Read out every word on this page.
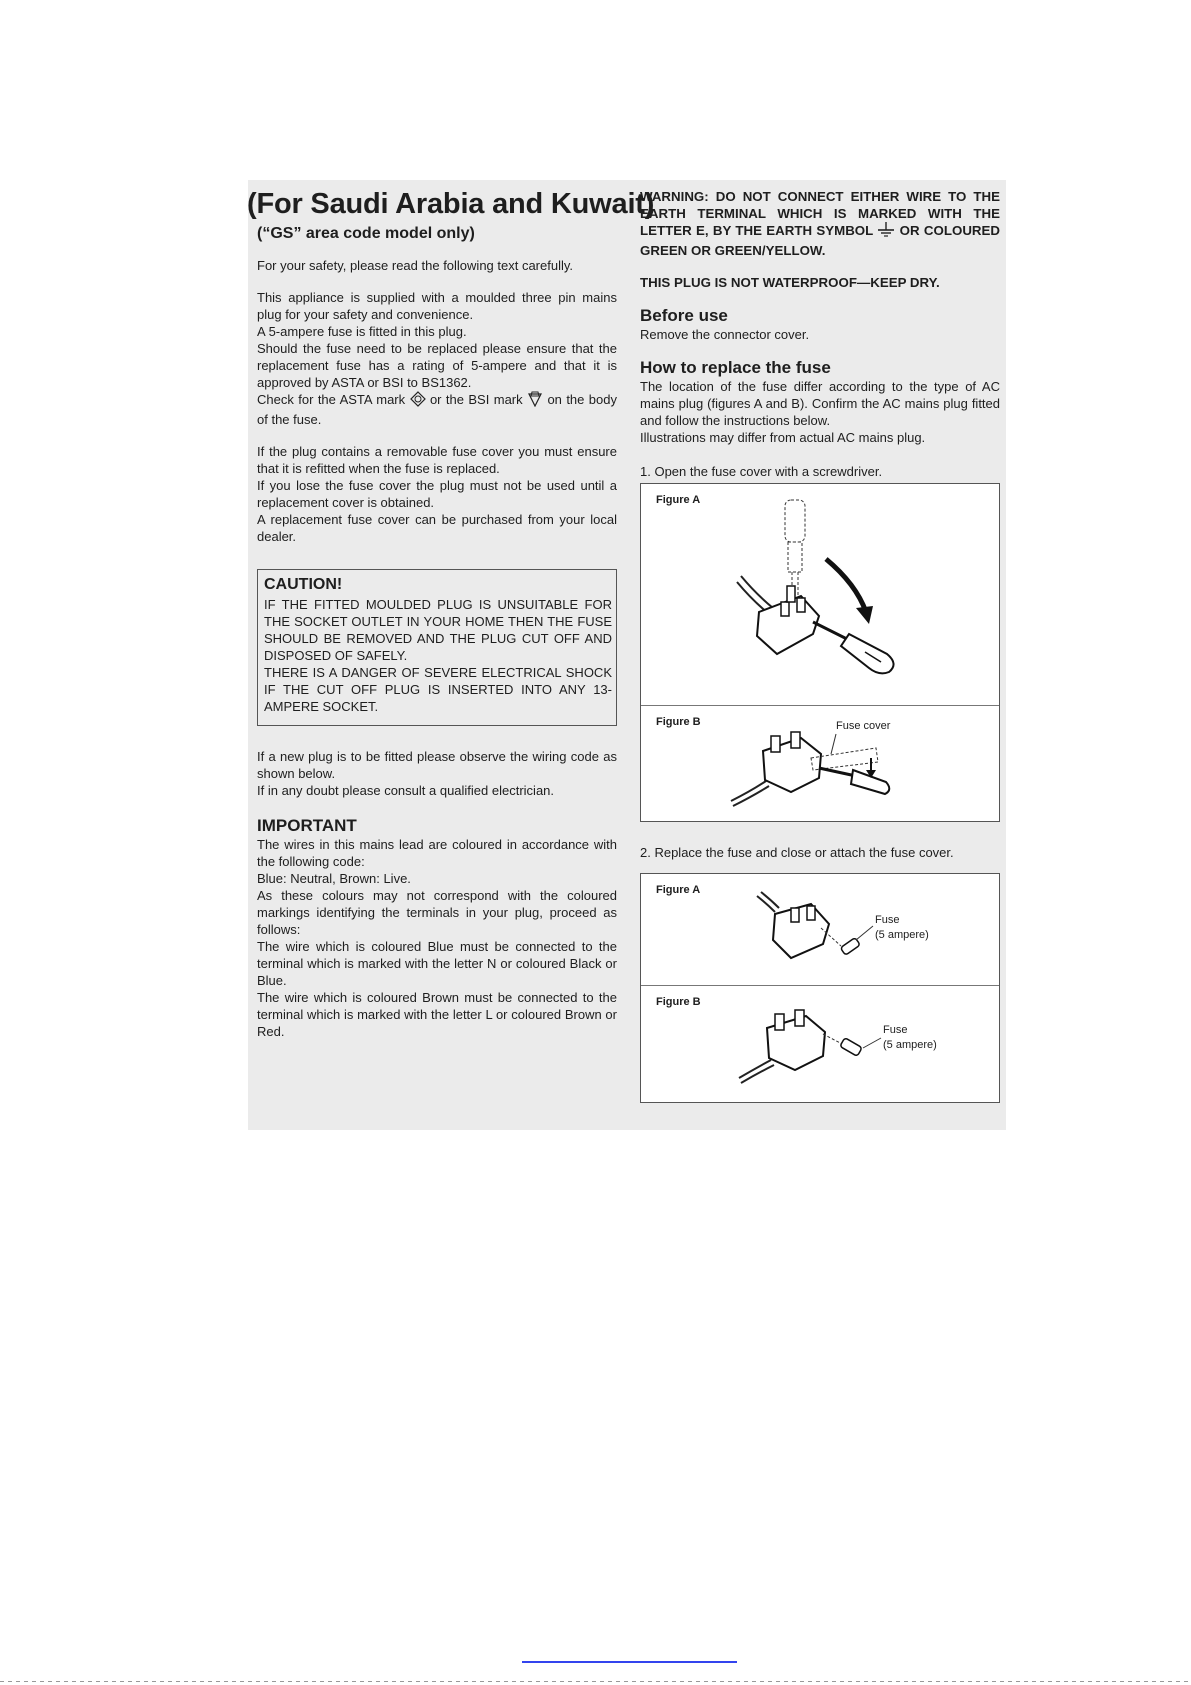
(For Saudi Arabia and Kuwait)
(“GS” area code model only)

For your safety, please read the following text carefully.

This appliance is supplied with a moulded three pin mains plug for your safety and convenience.

A 5-ampere fuse is fitted in this plug.

Should the fuse need to be replaced please ensure that the replacement fuse has a rating of 5-ampere and that it is approved by ASTA or BSI to BS1362.

Check for the ASTA mark or the BSI mark on the body of the fuse.

If the plug contains a removable fuse cover you must ensure that it is refitted when the fuse is replaced.

If you lose the fuse cover the plug must not be used until a replacement cover is obtained.

A replacement fuse cover can be purchased from your local dealer.

CAUTION!

IF THE FITTED MOULDED PLUG IS UNSUITABLE FOR THE SOCKET OUTLET IN YOUR HOME THEN THE FUSE SHOULD BE REMOVED AND THE PLUG CUT OFF AND DISPOSED OF SAFELY.

THERE IS A DANGER OF SEVERE ELECTRICAL SHOCK IF THE CUT OFF PLUG IS INSERTED INTO ANY 13-AMPERE SOCKET.

If a new plug is to be fitted please observe the wiring code as shown below.

If in any doubt please consult a qualified electrician.

IMPORTANT

The wires in this mains lead are coloured in accordance with the following code:

Blue: Neutral, Brown: Live.

As these colours may not correspond with the coloured markings identifying the terminals in your plug, proceed as follows:

The wire which is coloured Blue must be connected to the terminal which is marked with the letter N or coloured Black or Blue.

The wire which is coloured Brown must be connected to the terminal which is marked with the letter L or coloured Brown or Red.

WARNING: DO NOT CONNECT EITHER WIRE TO THE EARTH TERMINAL WHICH IS MARKED WITH THE LETTER E, BY THE EARTH SYMBOL OR COLOURED GREEN OR GREEN/YELLOW.

THIS PLUG IS NOT WATERPROOF—KEEP DRY.

Before use

Remove the connector cover.

How to replace the fuse

The location of the fuse differ according to the type of AC mains plug (figures A and B). Confirm the AC mains plug fitted and follow the instructions below.

Illustrations may differ from actual AC mains plug.

1. Open the fuse cover with a screwdriver.

Figure A
Figure B	Fuse cover

2. Replace the fuse and close or attach the fuse cover.

Figure A
Fuse
(5 ampere)
Figure B
Fuse
(5 ampere)
